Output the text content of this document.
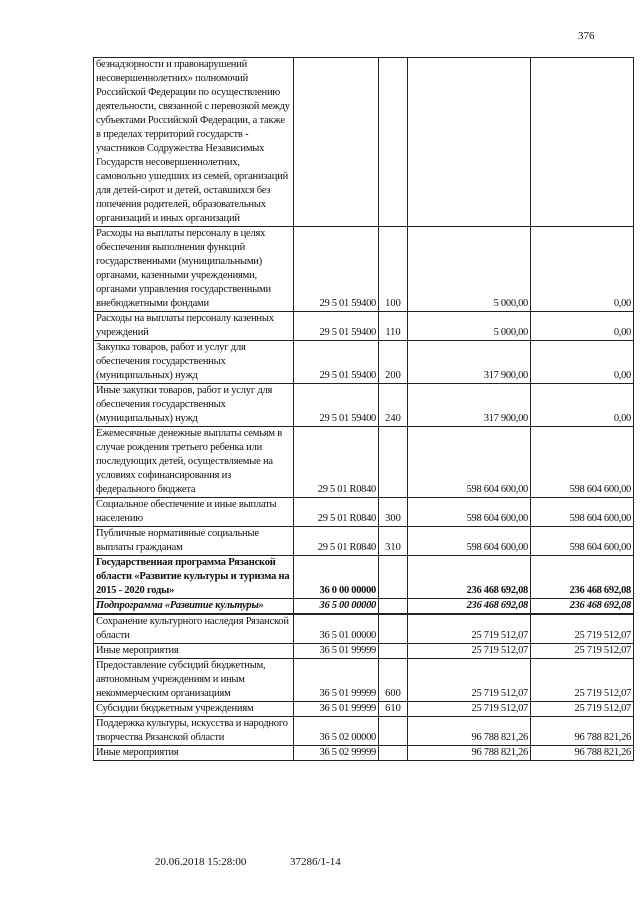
376
безнадзорности и правонарушений несовершеннолетних» полномочий Российской Федерации по осуществлению деятельности, связанной с перевозкой между субъектами Российской Федерации, а также в пределах территорий государств - участников Содружества Независимых Государств несовершеннолетних, самовольно ушедших из семей, организаций для детей-сирот и детей, оставшихся без попечения родителей, образовательных организаций и иных организаций				
Расходы на выплаты персоналу в целях обеспечения выполнения функций государственными (муниципальными) органами, казенными учреждениями, органами управления государственными внебюджетными фондами	29 5 01 59400	100	5 000,00	0,00
Расходы на выплаты персоналу казенных учреждений	29 5 01 59400	110	5 000,00	0,00
Закупка товаров, работ и услуг для обеспечения государственных (муниципальных) нужд	29 5 01 59400	200	317 900,00	0,00
Иные закупки товаров, работ и услуг для обеспечения государственных (муниципальных) нужд	29 5 01 59400	240	317 900,00	0,00
Ежемесячные денежные выплаты семьям в случае рождения третьего ребенка или последующих детей, осуществляемые на условиях софинансирования из федерального бюджета	29 5 01 R0840		598 604 600,00	598 604 600,00
Социальное обеспечение и иные выплаты населению	29 5 01 R0840	300	598 604 600,00	598 604 600,00
Публичные нормативные социальные выплаты гражданам	29 5 01 R0840	310	598 604 600,00	598 604 600,00
Государственная программа Рязанской области «Развитие культуры и туризма на 2015 - 2020 годы»	36 0 00 00000		236 468 692,08	236 468 692,08
Подпрограмма «Развитие культуры»	36 5 00 00000		236 468 692,08	236 468 692,08
Сохранение культурного наследия Рязанской области	36 5 01 00000		25 719 512,07	25 719 512,07
Иные мероприятия	36 5 01 99999		25 719 512,07	25 719 512,07
Предоставление субсидий бюджетным, автономным учреждениям и иным некоммерческим организациям	36 5 01 99999	600	25 719 512,07	25 719 512,07
Субсидии бюджетным учреждениям	36 5 01 99999	610	25 719 512,07	25 719 512,07
Поддержка культуры, искусства и народного творчества Рязанской области	36 5 02 00000		96 788 821,26	96 788 821,26
Иные мероприятия	36 5 02 99999		96 788 821,26	96 788 821,26
20.06.2018 15:28:00	37286/1-14
